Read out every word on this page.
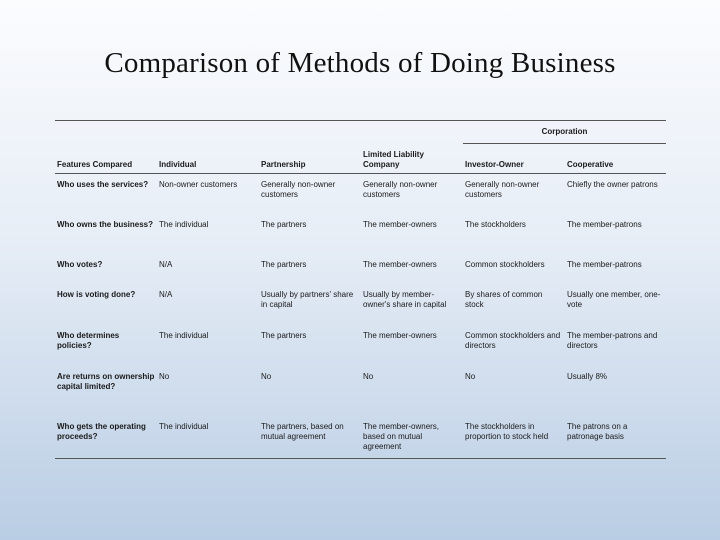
Comparison of Methods of Doing Business

				Corporation	
Features Compared	Individual	Partnership	Limited Liability Company	Investor-Owner	Cooperative
Who uses the services?	Non-owner customers	Generally non-owner customers	Generally non-owner customers	Generally non-owner customers	Chiefly the owner patrons
Who owns the business?	The individual	The partners	The member-owners	The stockholders	The member-patrons
Who votes?	N/A	The partners	The member-owners	Common stockholders	The member-patrons
How is voting done?	N/A	Usually by partners' share in capital	Usually by member-owner's share in capital	By shares of common stock	Usually one member, one-vote
Who determines policies?	The individual	The partners	The member-owners	Common stockholders and directors	The member-patrons and directors
Are returns on ownership capital limited?	No	No	No	No	Usually 8%
Who gets the operating proceeds?	The individual	The partners, based on mutual agreement	The member-owners, based on mutual agreement	The stockholders in proportion to stock held	The patrons on a patronage basis
